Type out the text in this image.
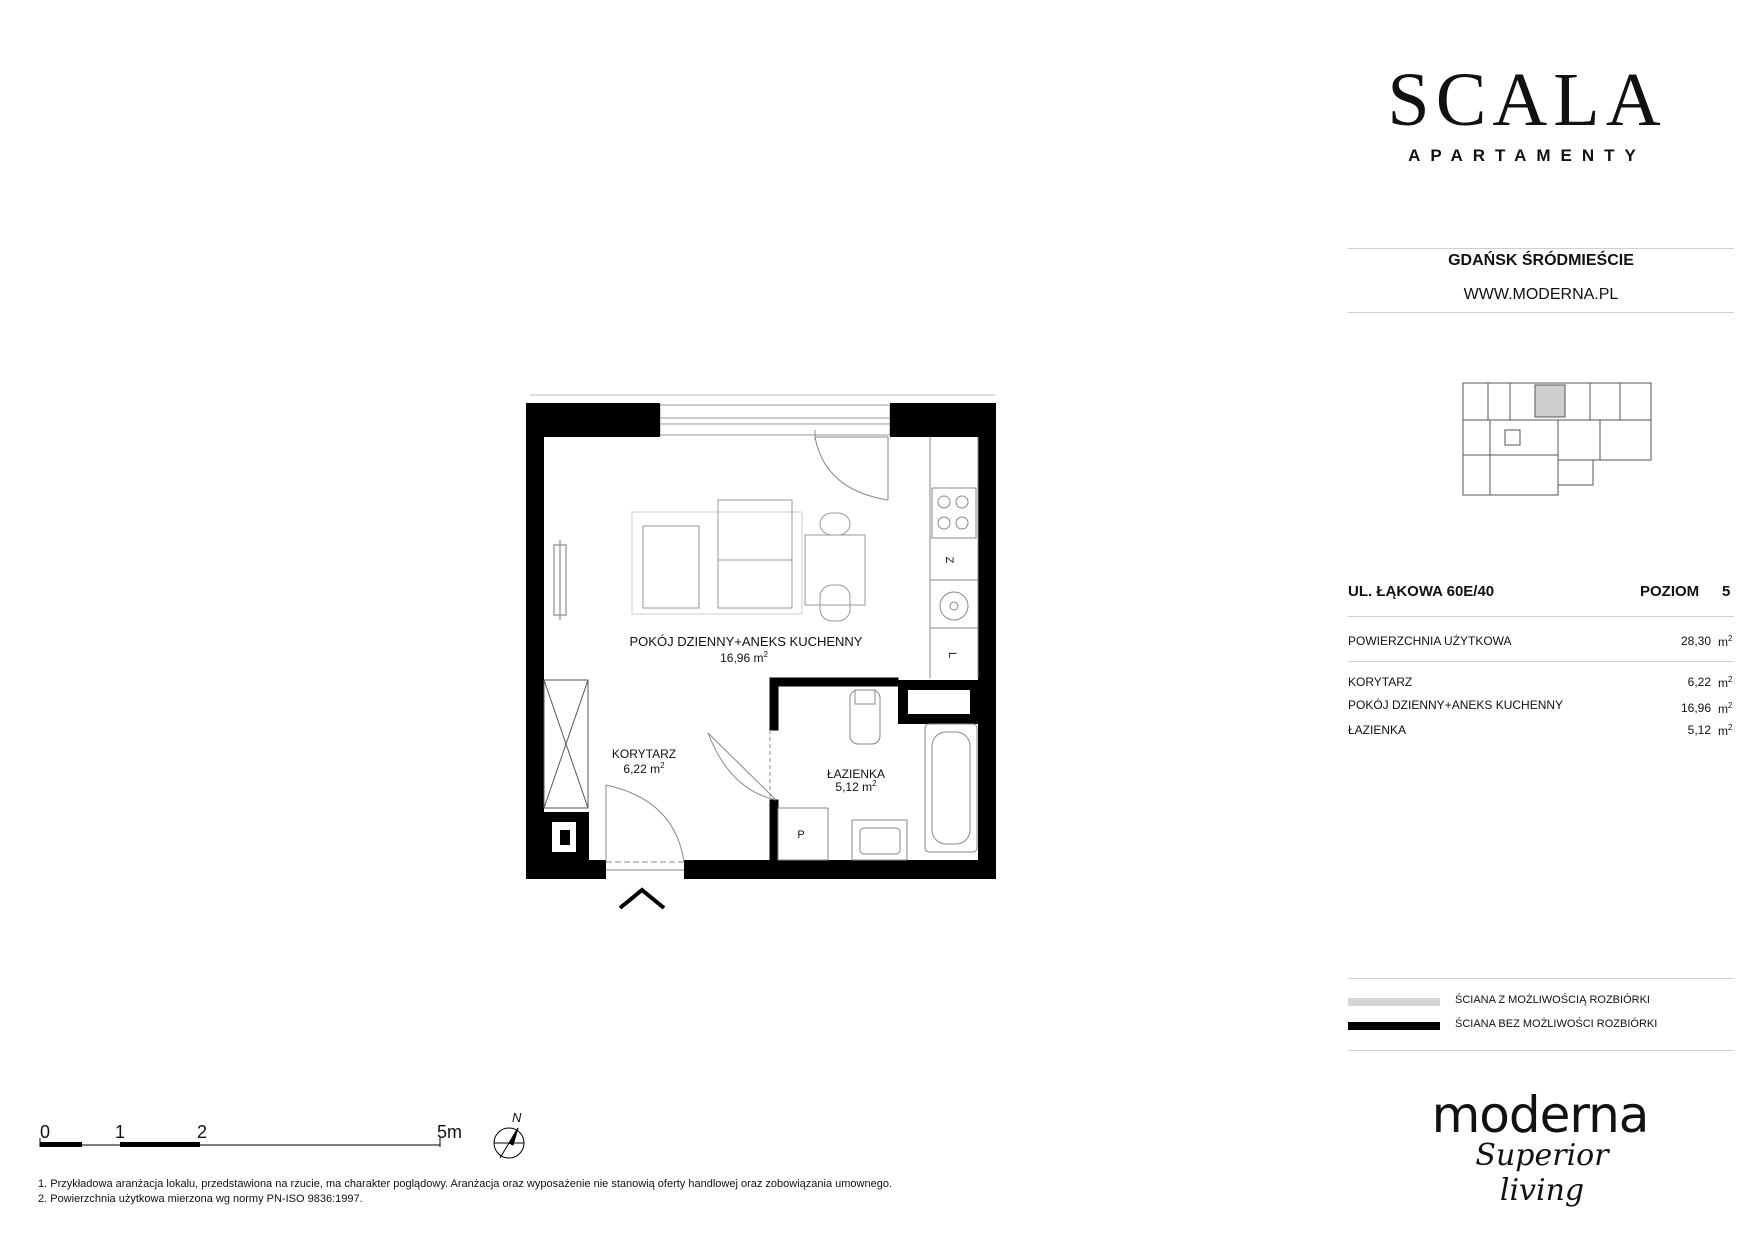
Z
L
P
POKÓJ DZIENNY+ANEKS KUCHENNY
16,96 $m^2$
KORYTARZ
6,22 $m^2$
ŁAZIENKA
5,12 $m^2$
SCALA
APARTAMENTY
GDAŃSK ŚRÓDMIEŚCIE
WWW.MODERNA.PL
UL. ŁĄKOWA 60E/40	POZIOM 5
POWIERZCHNIA UŻYTKOWA	28,30 $m^2$
KORYTARZ	6,22 $m^2$
POKÓJ DZIENNY+ANEKS KUCHENNY	16,96 $m^2$
ŁAZIENKA	5,12 $m^2$
ŚCIANA Z MOŻLIWOŚCIĄ ROZBIÓRKI
ŚCIANA BEZ MOŻLIWOŚCI ROZBIÓRKI
moderna
Superior living
0	1	2	5m
N
1. Przykładowa aranżacja lokalu, przedstawiona na rzucie, ma charakter poglądowy. Aranżacja oraz wyposażenie nie stanowią oferty handlowej oraz zobowiązania umownego.
2. Powierzchnia użytkowa mierzona wg normy PN-ISO 9836:1997.
